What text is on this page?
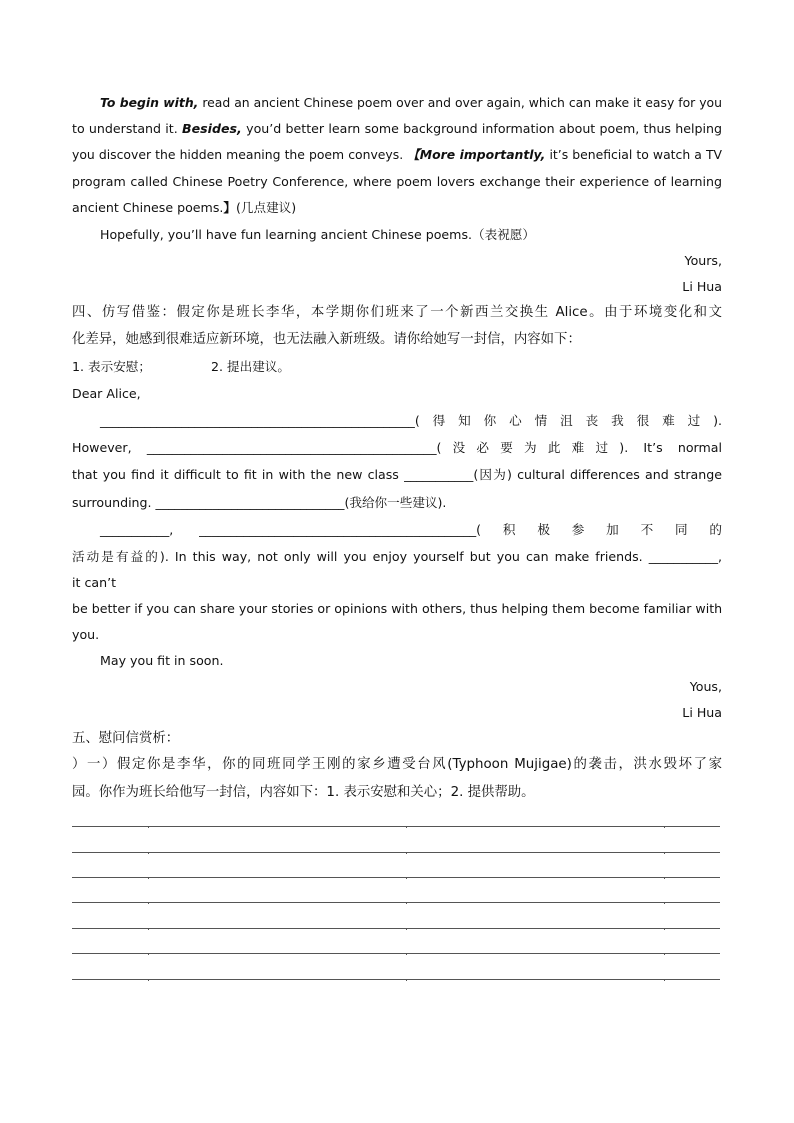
To begin with, read an ancient Chinese poem over and over again, which can make it easy for you
to understand it. Besides, you’d better learn some background information about poem, thus helping
you discover the hidden meaning the poem conveys. 【More importantly, it’s beneficial to watch a TV
program called Chinese Poetry Conference, where poem lovers exchange their experience of learning
ancient Chinese poems.】(几点建议)
Hopefully, you’ll have fun learning ancient Chinese poems.（表祝愿）
Yours,
Li Hua
四、仿写借鉴：假定你是班长李华，本学期你们班来了一个新西兰交换生 Alice。由于环境变化和文
化差异，她感到很难适应新环境，也无法融入新班级。请你给她写一封信，内容如下：
1. 表示安慰；	2. 提出建议。
Dear Alice,
__________________________________________________(得知你心情沮丧我很难过).
However, ______________________________________________(没必要为此难过). It’s normal
that you find it difficult to fit in with the new class ___________(因为) cultural differences and strange
surrounding. ______________________________(我给你一些建议).
___________, ____________________________________________(积极参加不同的
活动是有益的). In this way, not only will you enjoy yourself but you can make friends. ___________,
it can’t
be better if you can share your stories or opinions with others, thus helping them become familiar with
you.
May you fit in soon.
Yous,
Li Hua
五、慰问信赏析：
）一）假定你是李华，你的同班同学王刚的家乡遭受台风(Typhoon Mujigae)的袭击，洪水毁坏了家
园。你作为班长给他写一封信，内容如下：1. 表示安慰和关心；2. 提供帮助。
